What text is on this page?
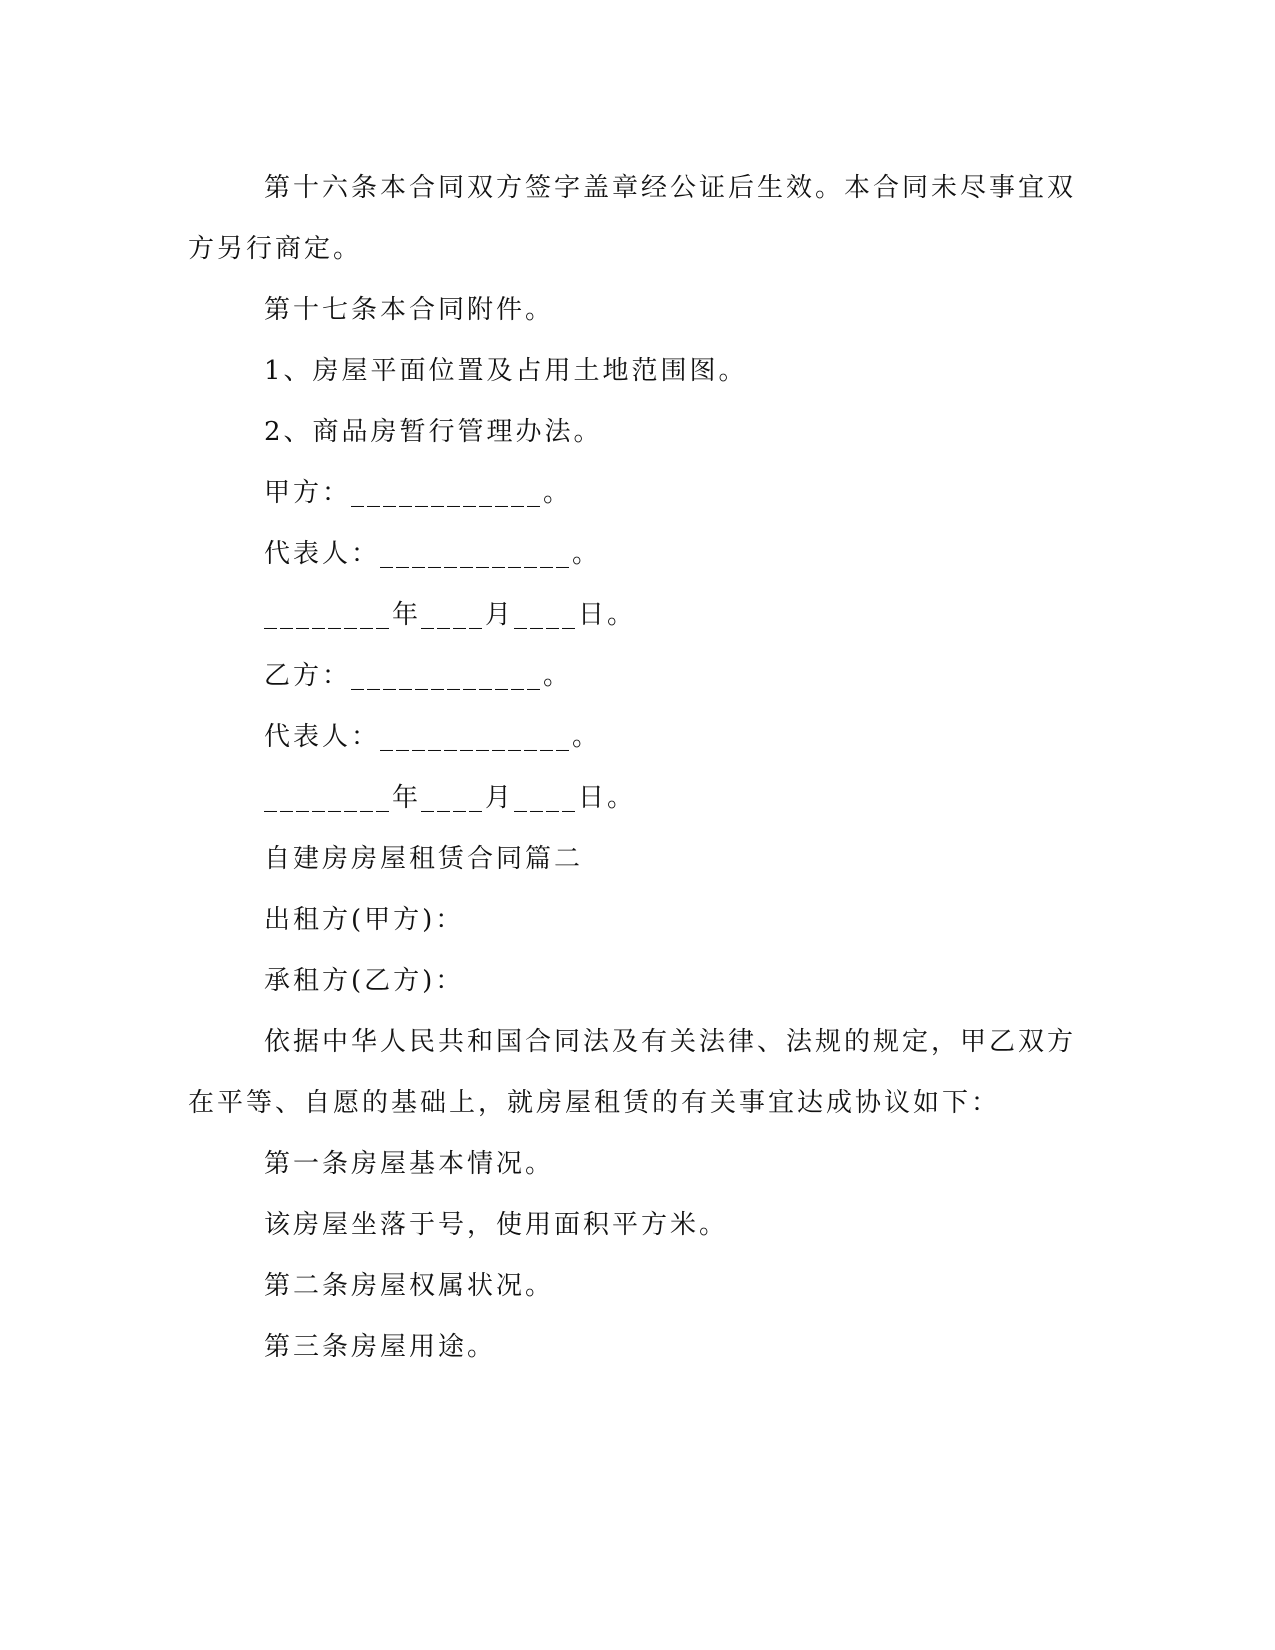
第十六条本合同双方签字盖章经公证后生效。本合同未尽事宜双方另行商定。

第十七条本合同附件。

1、房屋平面位置及占用土地范围图。

2、商品房暂行管理办法。

甲方：____________。

代表人：____________。

________年____月____日。

乙方：____________。

代表人：____________。

________年____月____日。

自建房房屋租赁合同篇二

出租方(甲方)：

承租方(乙方)：

依据中华人民共和国合同法及有关法律、法规的规定，甲乙双方在平等、自愿的基础上，就房屋租赁的有关事宜达成协议如下：

第一条房屋基本情况。

该房屋坐落于号，使用面积平方米。

第二条房屋权属状况。

第三条房屋用途。
